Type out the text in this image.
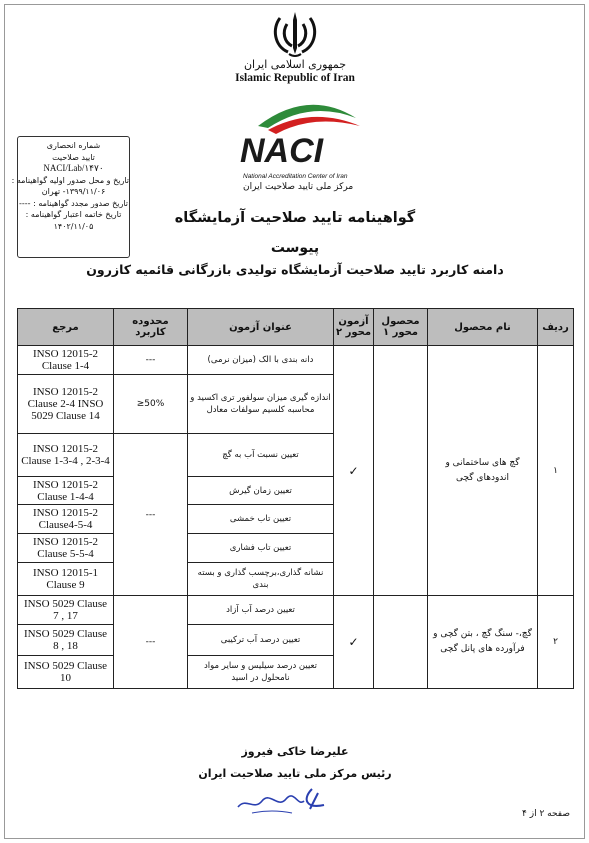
جمهوری اسلامی ایران
Islamic Republic of Iran
NACI
National Accreditation Center of Iran
مرکز ملی تایید صلاحیت ایران
شماره انحصاری
تایید صلاحیت
NACI/Lab/۱۴۷۰
تاریخ و محل صدور اولیه گواهینامه :
۱۳۹۹/۱۱/۰۶- تهران
تاریخ صدور مجدد گواهینامه : ----
تاریخ خاتمه اعتبار گواهینامه :
۱۴۰۲/۱۱/۰۵	گواهینامه تایید صلاحیت آزمایشگاه
پیوست
دامنه کاربرد تایید صلاحیت آزمایشگاه تولیدی بازرگانی قائمیه کازرون
مرجع	محدوده کاربرد	عنوان آزمون	آزمون محور ۲	محصول محور ۱	نام محصول	ردیف
INSO 12015-2 Clause 1-4	---	دانه بندی با الک (میزان نرمی)	✓		گچ های ساختمانی و اندودهای گچی	۱
INSO 12015-2 Clause 2-4 INSO 5029 Clause 14	≥50%	اندازه گیری میزان سولفور تری اکسید و محاسبه کلسیم سولفات معادل				
INSO 12015-2 Clause 1-3-4 , 2-3-4	---	تعیین نسبت آب به گچ				
INSO 12015-2 Clause 1-4-4		تعیین زمان گیرش				
INSO 12015-2 Clause4-5-4		تعیین تاب خمشی				
INSO 12015-2 Clause 5-5-4		تعیین تاب فشاری				
INSO 12015-1 Clause 9		نشانه گذاری،برچسب گذاری و بسته بندی				
INSO 5029 Clause 7 , 17	---	تعیین درصد آب آزاد	✓		گچ،- سنگ گچ ، بتن گچی و فرآورده های پانل گچی	۲
INSO 5029 Clause 8 , 18		تعیین درصد آب ترکیبی				
INSO 5029 Clause 10		تعیین درصد سیلیس و سایر مواد نامحلول در اسید				
علیرضا خاکی فیروز
رئیس مرکز ملی تایید صلاحیت ایران
صفحه ۲ از ۴
